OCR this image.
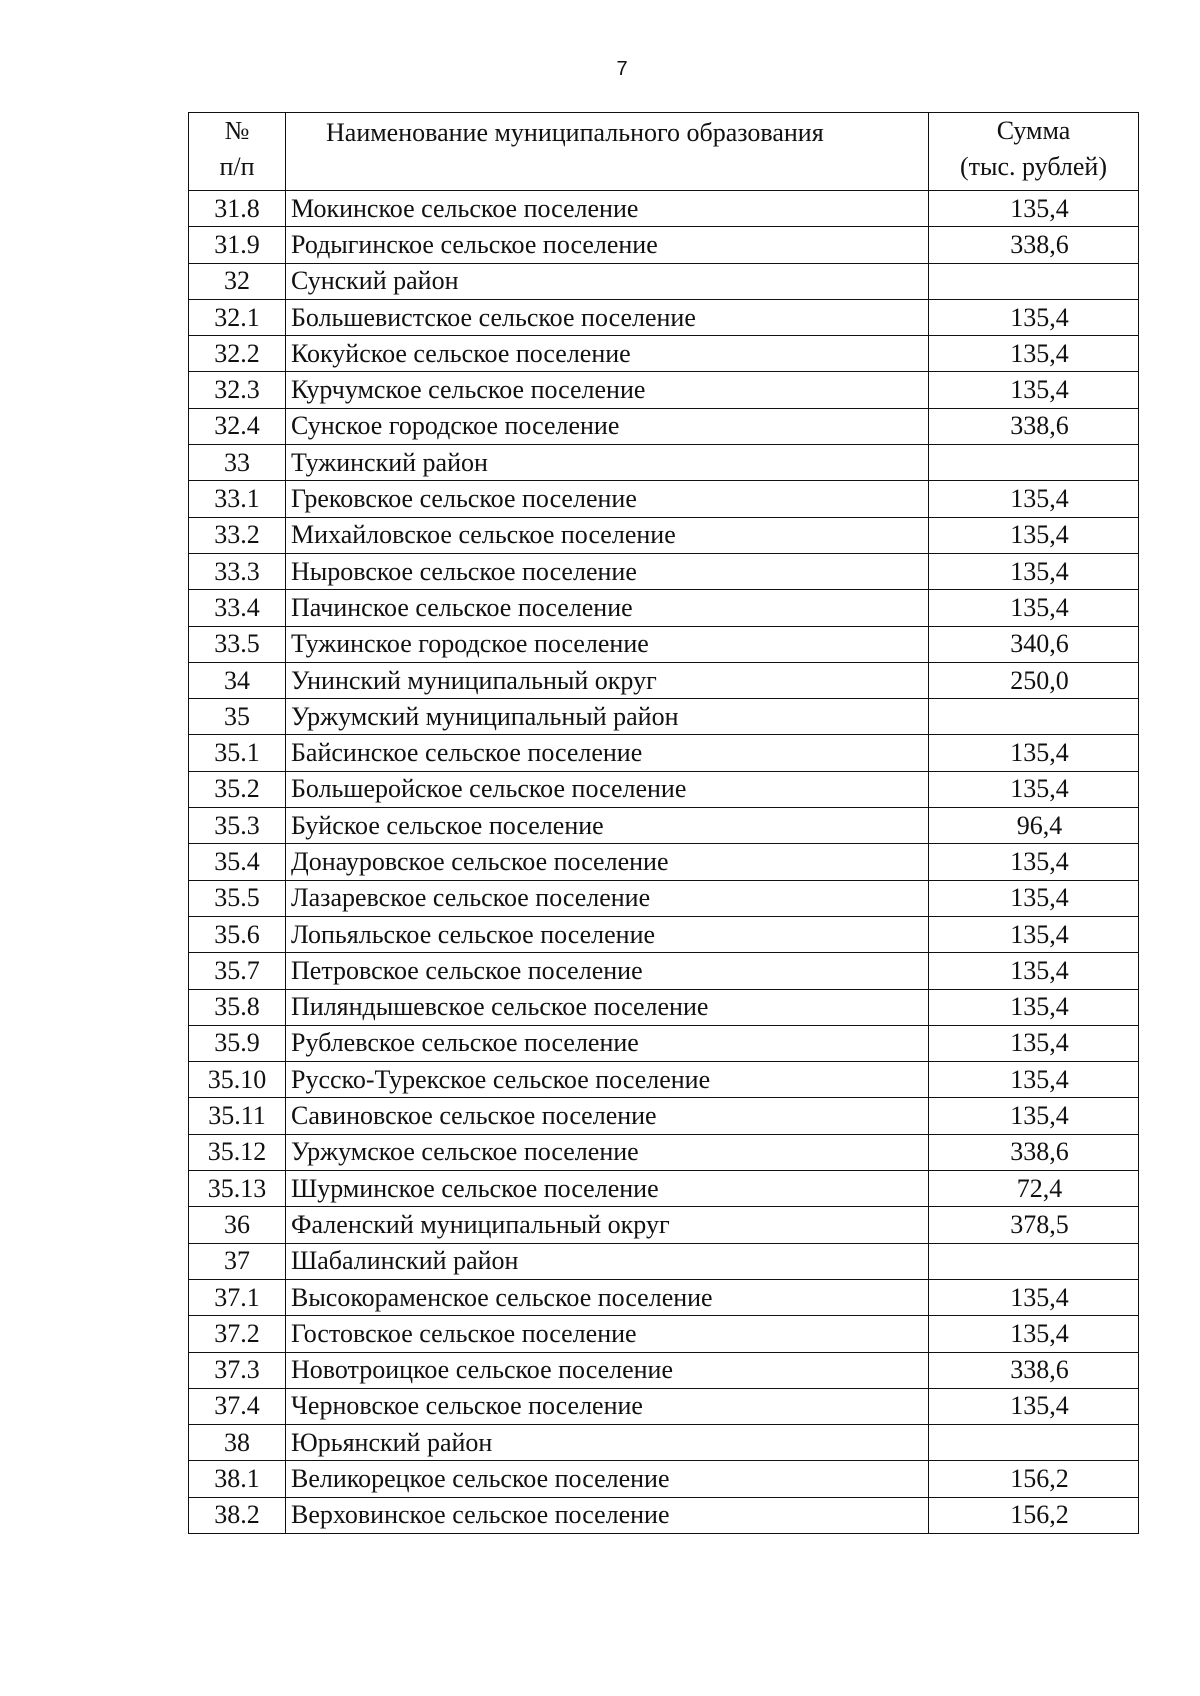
7
№
п/п	Наименование муниципального образования	Сумма
(тыс. рублей)

31.8	Мокинское сельское поселение	135,4
31.9	Родыгинское сельское поселение	338,6
32	Сунский район	
32.1	Большевистское сельское поселение	135,4
32.2	Кокуйское сельское поселение	135,4
32.3	Курчумское сельское поселение	135,4
32.4	Сунское городское поселение	338,6
33	Тужинский район	
33.1	Грековское сельское поселение	135,4
33.2	Михайловское сельское поселение	135,4
33.3	Ныровское сельское поселение	135,4
33.4	Пачинское сельское поселение	135,4
33.5	Тужинское городское поселение	340,6
34	Унинский муниципальный округ	250,0
35	Уржумский муниципальный район	
35.1	Байсинское сельское поселение	135,4
35.2	Большеройское сельское поселение	135,4
35.3	Буйское сельское поселение	96,4
35.4	Донауровское сельское поселение	135,4
35.5	Лазаревское сельское поселение	135,4
35.6	Лопьяльское сельское поселение	135,4
35.7	Петровское сельское поселение	135,4
35.8	Пиляндышевское сельское поселение	135,4
35.9	Рублевское сельское поселение	135,4
35.10	Русско-Турекское сельское поселение	135,4
35.11	Савиновское сельское поселение	135,4
35.12	Уржумское сельское поселение	338,6
35.13	Шурминское сельское поселение	72,4
36	Фаленский муниципальный округ	378,5
37	Шабалинский район	
37.1	Высокораменское сельское поселение	135,4
37.2	Гостовское сельское поселение	135,4
37.3	Новотроицкое сельское поселение	338,6
37.4	Черновское сельское поселение	135,4
38	Юрьянский район	
38.1	Великорецкое сельское поселение	156,2
38.2	Верховинское сельское поселение	156,2
